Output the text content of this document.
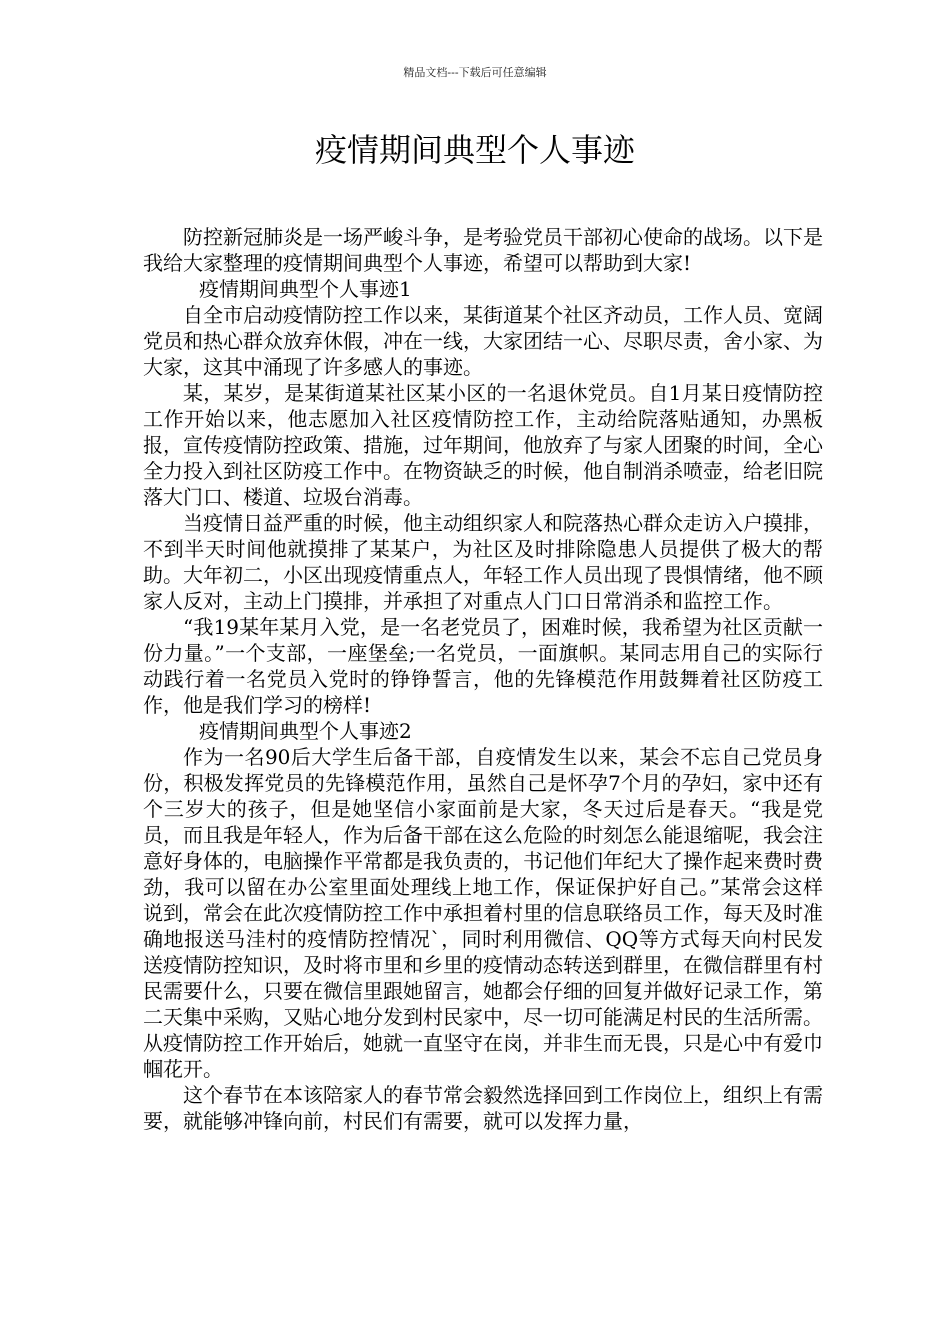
精品文档---下载后可任意编辑
疫情期间典型个人事迹

防控新冠肺炎是一场严峻斗争，是考验党员干部初心使命的战场。以下是我给大家整理的疫情期间典型个人事迹，希望可以帮助到大家!

疫情期间典型个人事迹1

自全市启动疫情防控工作以来，某街道某个社区齐动员，工作人员、宽阔党员和热心群众放弃休假，冲在一线，大家团结一心、尽职尽责，舍小家、为大家，这其中涌现了许多感人的事迹。

某，某岁，是某街道某社区某小区的一名退休党员。自1月某日疫情防控工作开始以来，他志愿加入社区疫情防控工作，主动给院落贴通知，办黑板报，宣传疫情防控政策、措施，过年期间，他放弃了与家人团聚的时间，全心全力投入到社区防疫工作中。在物资缺乏的时候，他自制消杀喷壶，给老旧院落大门口、楼道、垃圾台消毒。

当疫情日益严重的时候，他主动组织家人和院落热心群众走访入户摸排，不到半天时间他就摸排了某某户，为社区及时排除隐患人员提供了极大的帮助。大年初二，小区出现疫情重点人，年轻工作人员出现了畏惧情绪，他不顾家人反对，主动上门摸排，并承担了对重点人门口日常消杀和监控工作。

“我19某年某月入党，是一名老党员了，困难时候，我希望为社区贡献一份力量。”一个支部，一座堡垒;一名党员，一面旗帜。某同志用自己的实际行动践行着一名党员入党时的铮铮誓言，他的先锋模范作用鼓舞着社区防疫工作，他是我们学习的榜样!

疫情期间典型个人事迹2

作为一名90后大学生后备干部，自疫情发生以来，某会不忘自己党员身份，积极发挥党员的先锋模范作用，虽然自己是怀孕7个月的孕妇，家中还有个三岁大的孩子，但是她坚信小家面前是大家，冬天过后是春天。“我是党员，而且我是年轻人，作为后备干部在这么危险的时刻怎么能退缩呢，我会注意好身体的，电脑操作平常都是我负责的，书记他们年纪大了操作起来费时费劲，我可以留在办公室里面处理线上地工作，保证保护好自己。”某常会这样说到，常会在此次疫情防控工作中承担着村里的信息联络员工作，每天及时准确地报送马洼村的疫情防控情况`，同时利用微信、QQ等方式每天向村民发送疫情防控知识，及时将市里和乡里的疫情动态转送到群里，在微信群里有村民需要什么，只要在微信里跟她留言，她都会仔细的回复并做好记录工作，第二天集中采购，又贴心地分发到村民家中，尽一切可能满足村民的生活所需。从疫情防控工作开始后，她就一直坚守在岗，并非生而无畏，只是心中有爱巾帼花开。

这个春节在本该陪家人的春节常会毅然选择回到工作岗位上，组织上有需要，就能够冲锋向前，村民们有需要，就可以发挥力量，
